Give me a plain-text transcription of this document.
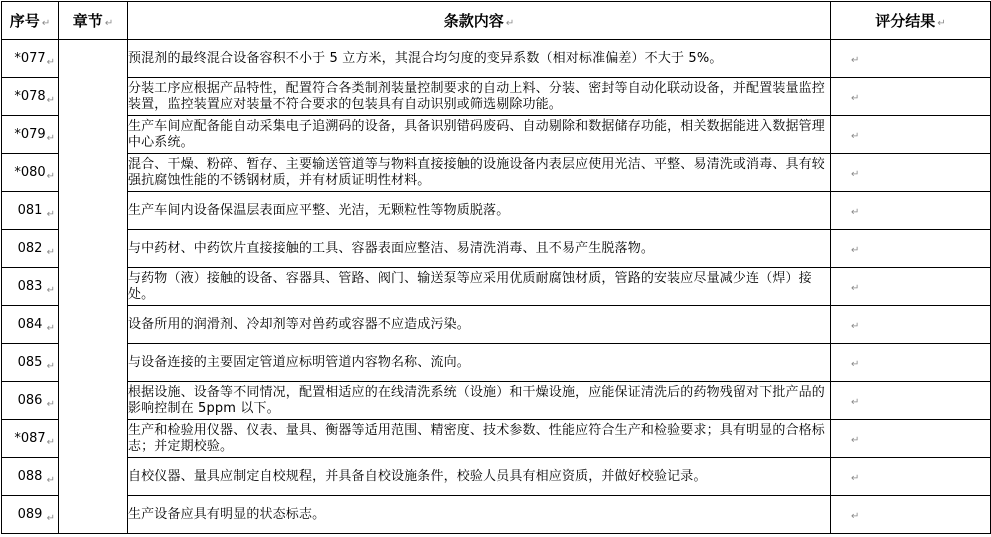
序号 ↵	章节 ↵	条款内容 ↵	评分结果 ↵
*077 ↵		预混剂的最终混合设备容积不小于 5 立方米，其混合均匀度的变异系数（相对标准偏差）不大于 5%。	↵

*078 ↵		分装工序应根据产品特性，配置符合各类制剂装量控制要求的自动上料、分装、密封等自动化联动设备，并配置装量监控装置，监控装置应对装量不符合要求的包装具有自动识别或筛选剔除功能。	↵

*079 ↵		生产车间应配备能自动采集电子追溯码的设备，具备识别错码废码、自动剔除和数据储存功能，相关数据能进入数据管理中心系统。	↵

*080 ↵		混合、干燥、粉碎、暂存、主要输送管道等与物料直接接触的设施设备内表层应使用光洁、平整、易清洗或消毒、具有较强抗腐蚀性能的不锈钢材质，并有材质证明性材料。	↵

081 ↵		生产车间内设备保温层表面应平整、光洁，无颗粒性等物质脱落。	↵

082 ↵		与中药材、中药饮片直接接触的工具、容器表面应整洁、易清洗消毒、且不易产生脱落物。	↵

083 ↵		与药物（液）接触的设备、容器具、管路、阀门、输送泵等应采用优质耐腐蚀材质，管路的安装应尽量减少连（焊）接处。	↵

084 ↵		设备所用的润滑剂、冷却剂等对兽药或容器不应造成污染。	↵

085 ↵		与设备连接的主要固定管道应标明管道内容物名称、流向。	↵

086 ↵		根据设施、设备等不同情况，配置相适应的在线清洗系统（设施）和干燥设施，应能保证清洗后的药物残留对下批产品的影响控制在 5ppm 以下。	↵

*087 ↵		生产和检验用仪器、仪表、量具、衡器等适用范围、精密度、技术参数、性能应符合生产和检验要求；具有明显的合格标志；并定期校验。	↵

088 ↵		自校仪器、量具应制定自校规程，并具备自校设施条件，校验人员具有相应资质，并做好校验记录。	↵

089 ↵		生产设备应具有明显的状态标志。	↵
